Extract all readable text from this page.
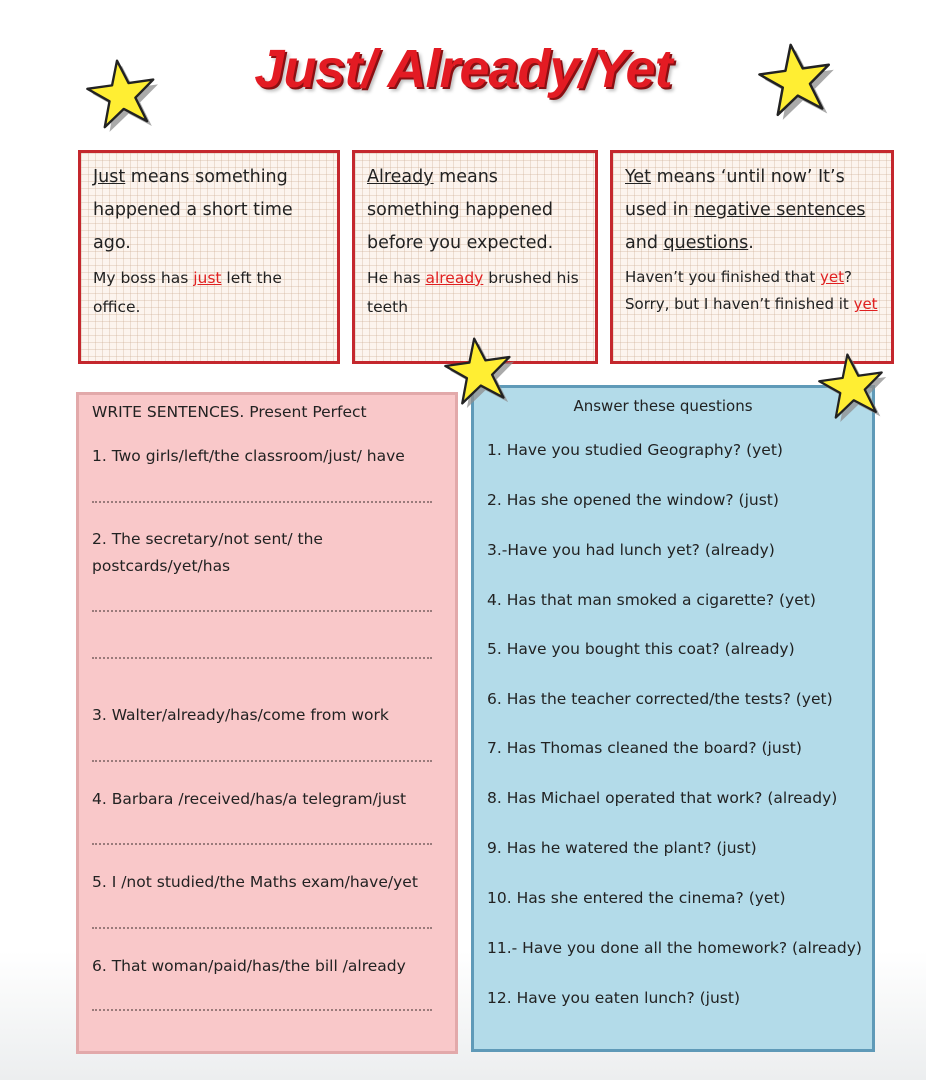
Just/ Already/Yet

Just means something happened a short time ago.

My boss has just left the office.

Already means something happened before you expected.

He has already brushed his teeth

Yet means ‘until now’ It’s used in negative sentences and questions.

Haven’t you finished that yet? Sorry, but I haven’t finished it yet

WRITE SENTENCES. Present Perfect
1. Two girls/left/the classroom/just/ have
2. The secretary/not sent/ the postcards/yet/has
3. Walter/already/has/come from work
4. Barbara /received/has/a telegram/just
5. I /not studied/the Maths exam/have/yet
6. That woman/paid/has/the bill /already
Answer these questions
1. Have you studied Geography? (yet)
2. Has she opened the window? (just)
3.-Have you had lunch yet? (already)
4. Has that man smoked a cigarette? (yet)
5. Have you bought this coat? (already)
6. Has the teacher corrected/the tests? (yet)
7. Has Thomas cleaned the board? (just)
8. Has Michael operated that work? (already)
9. Has he watered the plant? (just)
10. Has she entered the cinema? (yet)
11.- Have you done all the homework? (already)
12. Have you eaten lunch? (just)
